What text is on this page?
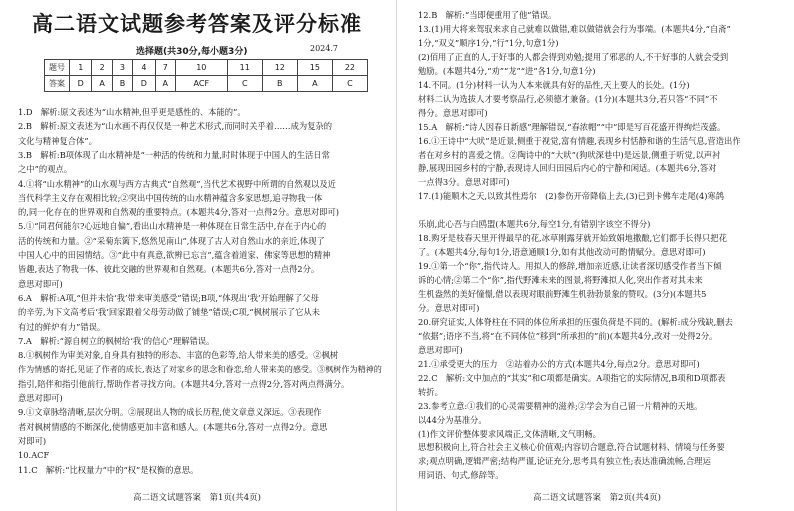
高二语文试题参考答案及评分标准
选择题(共30分,每小题3分)	2024.7
题号	1	2	3	4	7	10	11	12	15	22
答案	D	A	B	D	A	ACF	C	B	A	C
1.D　解析:原文表述为“山水精神,但乎更是感性的、本能的”。
2.B　解析:原文表述为“山水画不再仅仅是一种艺术形式,而同时关乎着……成为复杂的
文化与精神复合体”。
3.B　解析:B项体现了山水精神是“一种活的传统和力量,时时体现于中国人的生活日常
之中”的观点。
4.①将“山水精神”的山水观与西方古典式“自然观”,当代艺术视野中所谓的自然观以及近
当代科学主义存在观相比较;②突出中国传统的山水精神蕴含多家思想,追寻物我一体
的,同一化存在的世界观和自然观的重要特点。(本题共4分,答对一点得2分。意思对即可)
5.①“同君何能尔?心远地自偏”,看出山水精神是一种体现在日常生活中,存在于内心的
活的传统和力量。②“采菊东篱下,悠然见南山”,体现了古人对自然山水的亲近,体现了
中国人心中的田园情结。③“此中有真意,欲辨已忘言”,蕴含着道家、佛家等思想的精神
皆趣,表达了物我一体、彼此交融的世界观和自然观。(本题共6分,答对一点得2分。
意思对即可)
6.A　解析:A项,“但并未恰‘我’带来审美感受”错误;B项,“体现出‘我’开始理解了父母
的辛劳,为下文高考后‘我’回家跟着父母劳动做了铺垫”错误;C项,“枫树展示了它从未
有过的鲜炉有力”错误。
7.A　解析:“源自树立的枫树给‘我’的信心”理解错误。
8.①枫树作为审美对象,自身具有独特的形态、丰富的色彩等,给人带来美的感受。②枫树
作为情感的寄托,见证了作者的成长,表达了对家乡的思念和眷恋,给人带来美的感受。③枫树作为精神的
指引,陪伴和指引他前行,帮助作者寻找方向。(本题共4分,答对一点得2分,答对两点得满分。
意思对即可)
9.①文章脉络清晰,层次分明。②展现出人物的成长历程,使文章意义深远。③表现作
者对枫树情感的不断深化,使情感更加丰富和感人。(本题共6分,答对一点得2分。意思
对即可)
10.ACF
11.C　解析:“比权量力”中的“权”是权衡的意思。
高二语文试题答案　第1页(共4页)
12.B　解析:“当即便重用了他”错误。
13.(1)用大将来驾驭来求自己就难以做错,难以做错就会行为事端。(本题共4分,“自斋”
1分,“双义”顺序1分,“行”1分,句意1分)
(2)佰用了正直的人,于好事的人都会得到劝勉;提用了邪恶的人,不干好事的人就会受到
勉励。(本题共4分,“劝”“龙”“进”各1分,句意1分)
14.不同。(1分)材料一认为人本来就具有好的品性,天上要人的长处。(1分)
材料二认为选拔人才要考察品行,必须德才兼备。(1分)(本题共3分,若只答“不同”不
得分。意思对即可)
15.A　解析:“诗人因春日新感”理解错误,“春浓帽”“中”即是写百花盛开得绚烂茂盛。
16.①王诗中“大吠”是近景,侧重于视觉,富有情趣,表现乡村恬静和谐的生活气息,营造出作
者在对乡村的喜爱之情。②陶诗中的“大吠”(狗吠深巷中)是远景,侧重于听觉,以声衬
静,展现田园乡村的宁静,表现诗人回归田园后内心的宁静和闲适。(本题共6分,答对
一点得3分。意思对即可)
17.(1)能顺木之天,以致其性焉尔　(2)参伤开帝降临上去,(3)已到卡佛车走尾(4)寒鸽
乐崩,此心吾与白鸥盟(本题共6分,每空1分,有错别字该空不得分)
18.购牙是枝春天里开得最早的花,冰草刚露芽就开始致娟地撒酿,它们都手长得只把花
了。(本题共4分,每句1分,语意通顺1分,如有其他改动可酌情赋分。意思对即可)
19.①第一个“你”,指代诗人。用拟人的修辞,增加亲近感,让读者深切感受作者当下倾
诉的心情;②第二个“你”,指代野滩未来的图景,将野滩拟人化,突出作者对其未来
生机盎然的美好憧憬,借以表现对眼前野滩生机勃勃景象的赞叹。(3分)(本题共5
分。意思对即可)
20.研究证实,人体脊柱在不同的体位所承担的压强负荷是不同的。(解析:成分残缺,删去
“依据”;语序不当,将“在不同体位”移到“所承担的”前)(本题共4分,改对一处得2分。
意思对即可)
21.①承受更大的压力　②站着办公的方式(本题共4分,每点2分。意思对即可)
22.C　解析:文中加点的“其实”和C项都是确实。A项指它的实际情况,B项和D项都表
转折。
23.参考立意:①我们的心灵需要精神的滋养;②学会为自己留一片精神的天地。
以44分为基准分。
(1)作文评价整体要求风端正,文体清晰,文气明畅。
思想积极向上,符合社会主义核心价值观;内容切合题意,符合试题材料、情境与任务要
求;观点明确,逻辑严密;结构严谨,论证充分,思考具有独立性;表达准确流畅,合理运
用词语、句式,修辞等。
高二语文试题答案　第2页(共4页)
